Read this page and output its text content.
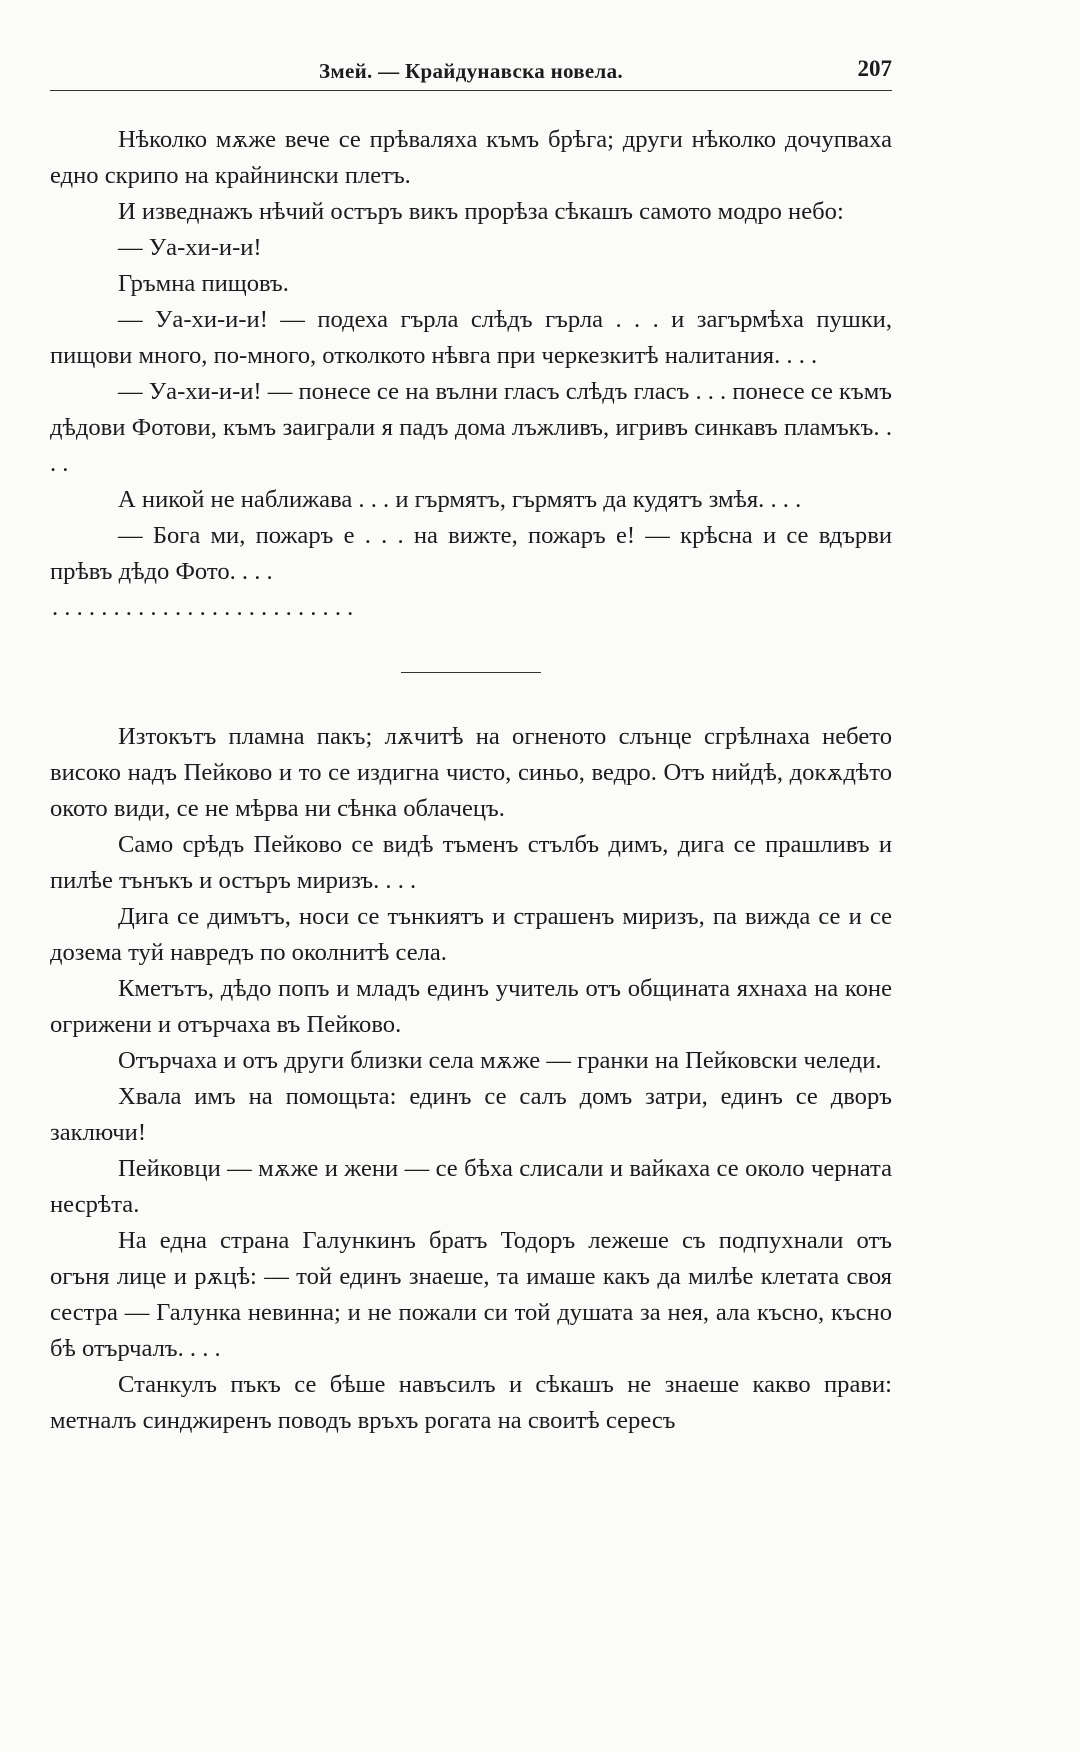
Змей. — Крайдунавска новела.	207

Нѣколко мѫже вече се прѣваляха къмъ брѣга; други нѣколко дочупваха едно скрипо на крайнински плетъ.

И изведнажъ нѣчий остъръ викъ прорѣза сѣкашъ самото модро небо:

— Уа-хи-и-и!

Гръмна пищовъ.

— Уа-хи-и-и! — подеха гърла слѣдъ гърла . . . и загърмѣха пушки, пищови много, по-много, отколкото нѣвга при черкезкитѣ налитания. . . .

— Уа-хи-и-и! — понесе се на вълни гласъ слѣдъ гласъ . . . понесе се къмъ дѣдови Фотови, къмъ заиграли я падъ дома лъжливъ, игривъ синкавъ пламъкъ. . . .

А никой не наближава . . . и гърмятъ, гърмятъ да кудятъ змѣя. . . .

— Бога ми, пожаръ е . . . на вижте, пожаръ е! — крѣсна и се вдърви прѣвъ дѣдо Фото. . . .

. . . . . . . . . . . . . . . . . . . . . . . . .

Изтокътъ пламна пакъ; лѫчитѣ на огненото слънце сгрѣлнаха небето високо надъ Пейково и то се издигна чисто, синьо, ведро. Отъ нийдѣ, докѫдѣто окото види, се не мѣрва ни сѣнка облачецъ.

Само срѣдъ Пейково се видѣ тъменъ стълбъ димъ, дига се прашливъ и пилѣе тънъкъ и остъръ миризъ. . . .

Дига се димътъ, носи се тънкиятъ и страшенъ миризъ, па вижда се и се доземa туй навредъ по околнитѣ села.

Кметътъ, дѣдо попъ и младъ единъ учитель отъ общината яхнаха на коне огрижени и отърчаха въ Пейково.

Отърчаха и отъ други близки села мѫже — гранки на Пейковски челеди.

Хвала имъ на помощьта: единъ се салъ домъ затри, единъ се дворъ заключи!

Пейковци — мѫже и жени — се бѣха слисали и вайкаха се около черната несрѣта.

На една страна Галункинъ братъ Тодоръ лежеше съ подпухнали отъ огъня лице и рѫцѣ: — той единъ знаеше, та имаше какъ да милѣе клетата своя сестра — Галунка невинна; и не пожали си той душата за нея, ала късно, късно бѣ отърчалъ. . . .

Станкулъ пъкъ се бѣше навъсилъ и сѣкашъ не знаеше какво прави: метналъ синджиренъ поводъ връхъ рогата на своитѣ сересъ
